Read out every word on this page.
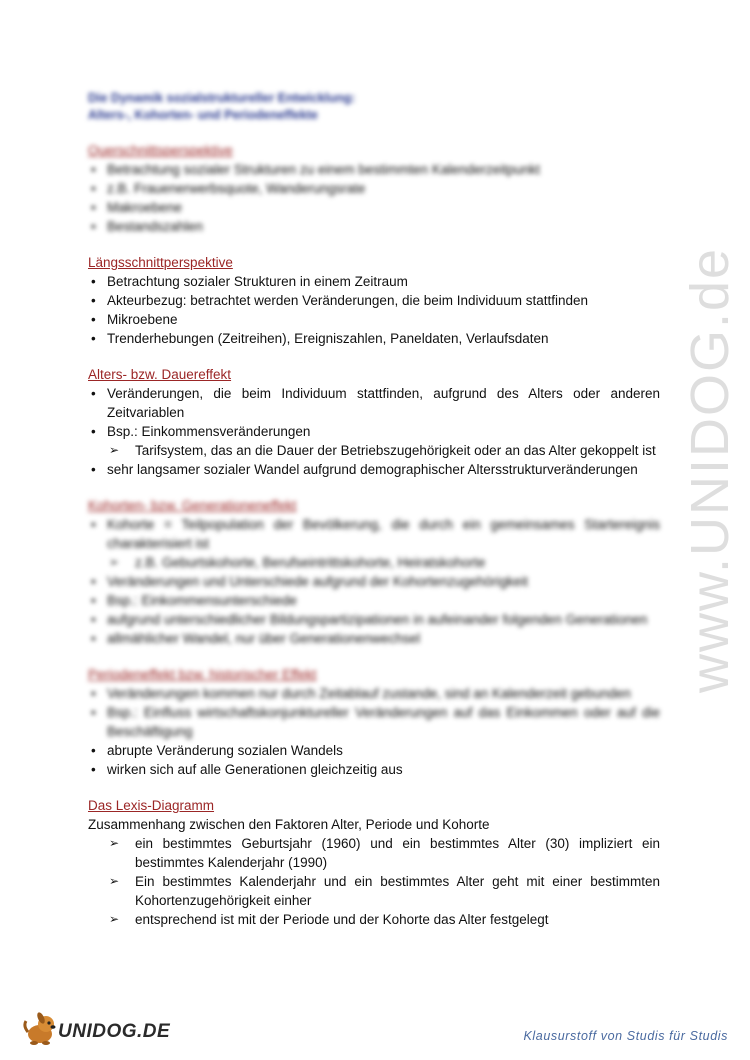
www.UNIDOG.de
Die Dynamik sozialstruktureller Entwicklung:
Alters-, Kohorten- und Periodeneffekte
Querschnittsperspektive
• Betrachtung sozialer Strukturen zu einem bestimmten Kalenderzeitpunkt
• z.B. Frauenerwerbsquote, Wanderungsrate
• Makroebene
• Bestandszahlen
Längsschnittperspektive
• Betrachtung sozialer Strukturen in einem Zeitraum
• Akteurbezug: betrachtet werden Veränderungen, die beim Individuum stattfinden
• Mikroebene
• Trenderhebungen (Zeitreihen), Ereigniszahlen, Paneldaten, Verlaufsdaten
Alters- bzw. Dauereffekt
• Veränderungen, die beim Individuum stattfinden, aufgrund des Alters oder anderen Zeitvariablen
• Bsp.: Einkommensveränderungen
➢ Tarifsystem, das an die Dauer der Betriebszugehörigkeit oder an das Alter gekoppelt ist
• sehr langsamer sozialer Wandel aufgrund demographischer Altersstrukturveränderungen
Kohorten- bzw. Generationeneffekt
• Kohorte = Teilpopulation der Bevölkerung, die durch ein gemeinsames Startereignis charakterisiert ist
➢ z.B. Geburtskohorte, Berufseintrittskohorte, Heiratskohorte
• Veränderungen und Unterschiede aufgrund der Kohortenzugehörigkeit
• Bsp.: Einkommensunterschiede
• aufgrund unterschiedlicher Bildungspartizipationen in aufeinander folgenden Generationen
• allmählicher Wandel, nur über Generationenwechsel
Periodeneffekt bzw. historischer Effekt
• Veränderungen kommen nur durch Zeitablauf zustande, sind an Kalenderzeit gebunden
• Bsp.: Einfluss wirtschaftskonjunktureller Veränderungen auf das Einkommen oder auf die Beschäftigung
• abrupte Veränderung sozialen Wandels
• wirken sich auf alle Generationen gleichzeitig aus
Das Lexis-Diagramm
Zusammenhang zwischen den Faktoren Alter, Periode und Kohorte
➢ ein bestimmtes Geburtsjahr (1960) und ein bestimmtes Alter (30) impliziert ein bestimmtes Kalenderjahr (1990)
➢ Ein bestimmtes Kalenderjahr und ein bestimmtes Alter geht mit einer bestimmten Kohortenzugehörigkeit einher
➢ entsprechend ist mit der Periode und der Kohorte das Alter festgelegt
UNIDOG.DE	Klausurstoff von Studis für Studis
